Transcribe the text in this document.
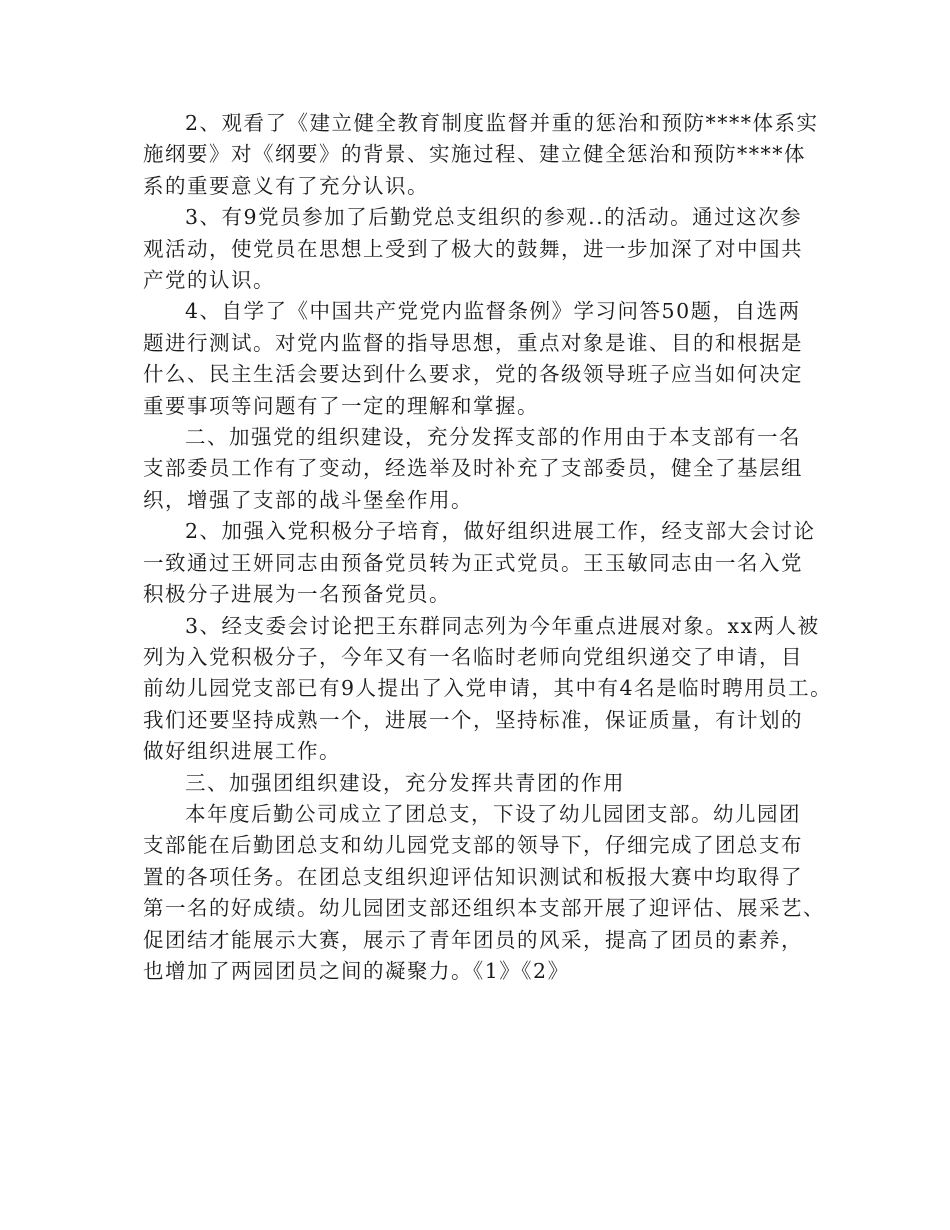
2、观看了《建立健全教育制度监督并重的惩治和预防****体系实
施纲要》对《纲要》的背景、实施过程、建立健全惩治和预防****体
系的重要意义有了充分认识。
3、有9党员参加了后勤党总支组织的参观..的活动。通过这次参
观活动，使党员在思想上受到了极大的鼓舞，进一步加深了对中国共
产党的认识。
4、自学了《中国共产党党内监督条例》学习问答50题，自选两
题进行测试。对党内监督的指导思想，重点对象是谁、目的和根据是
什么、民主生活会要达到什么要求，党的各级领导班子应当如何决定
重要事项等问题有了一定的理解和掌握。
二、加强党的组织建设，充分发挥支部的作用由于本支部有一名
支部委员工作有了变动，经选举及时补充了支部委员，健全了基层组
织，增强了支部的战斗堡垒作用。
2、加强入党积极分子培育，做好组织进展工作，经支部大会讨论
一致通过王妍同志由预备党员转为正式党员。王玉敏同志由一名入党
积极分子进展为一名预备党员。
3、经支委会讨论把王东群同志列为今年重点进展对象。xx两人被
列为入党积极分子，今年又有一名临时老师向党组织递交了申请，目
前幼儿园党支部已有9人提出了入党申请，其中有4名是临时聘用员工。
我们还要坚持成熟一个，进展一个，坚持标准，保证质量，有计划的
做好组织进展工作。
三、加强团组织建设，充分发挥共青团的作用
本年度后勤公司成立了团总支，下设了幼儿园团支部。幼儿园团
支部能在后勤团总支和幼儿园党支部的领导下，仔细完成了团总支布
置的各项任务。在团总支组织迎评估知识测试和板报大赛中均取得了
第一名的好成绩。幼儿园团支部还组织本支部开展了迎评估、展采艺、
促团结才能展示大赛，展示了青年团员的风采，提高了团员的素养，
也增加了两园团员之间的凝聚力。《1》《2》
